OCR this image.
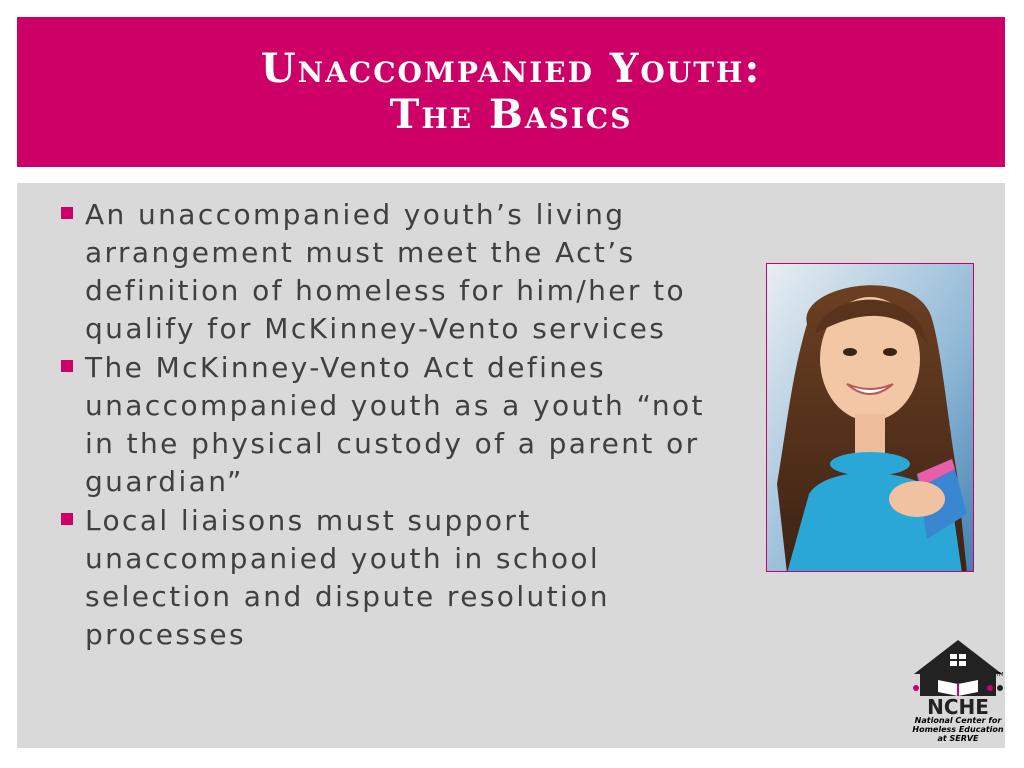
Unaccompanied Youth:
The Basics
An unaccompanied youth’s living arrangement must meet the Act’s definition of homeless for him/her to qualify for McKinney-Vento services
The McKinney-Vento Act defines unaccompanied youth as a youth “not in the physical custody of a parent or guardian”
Local liaisons must support unaccompanied youth in school selection and dispute resolution processes
NCHE
TM
National Center for
Homeless Education
at SERVE
